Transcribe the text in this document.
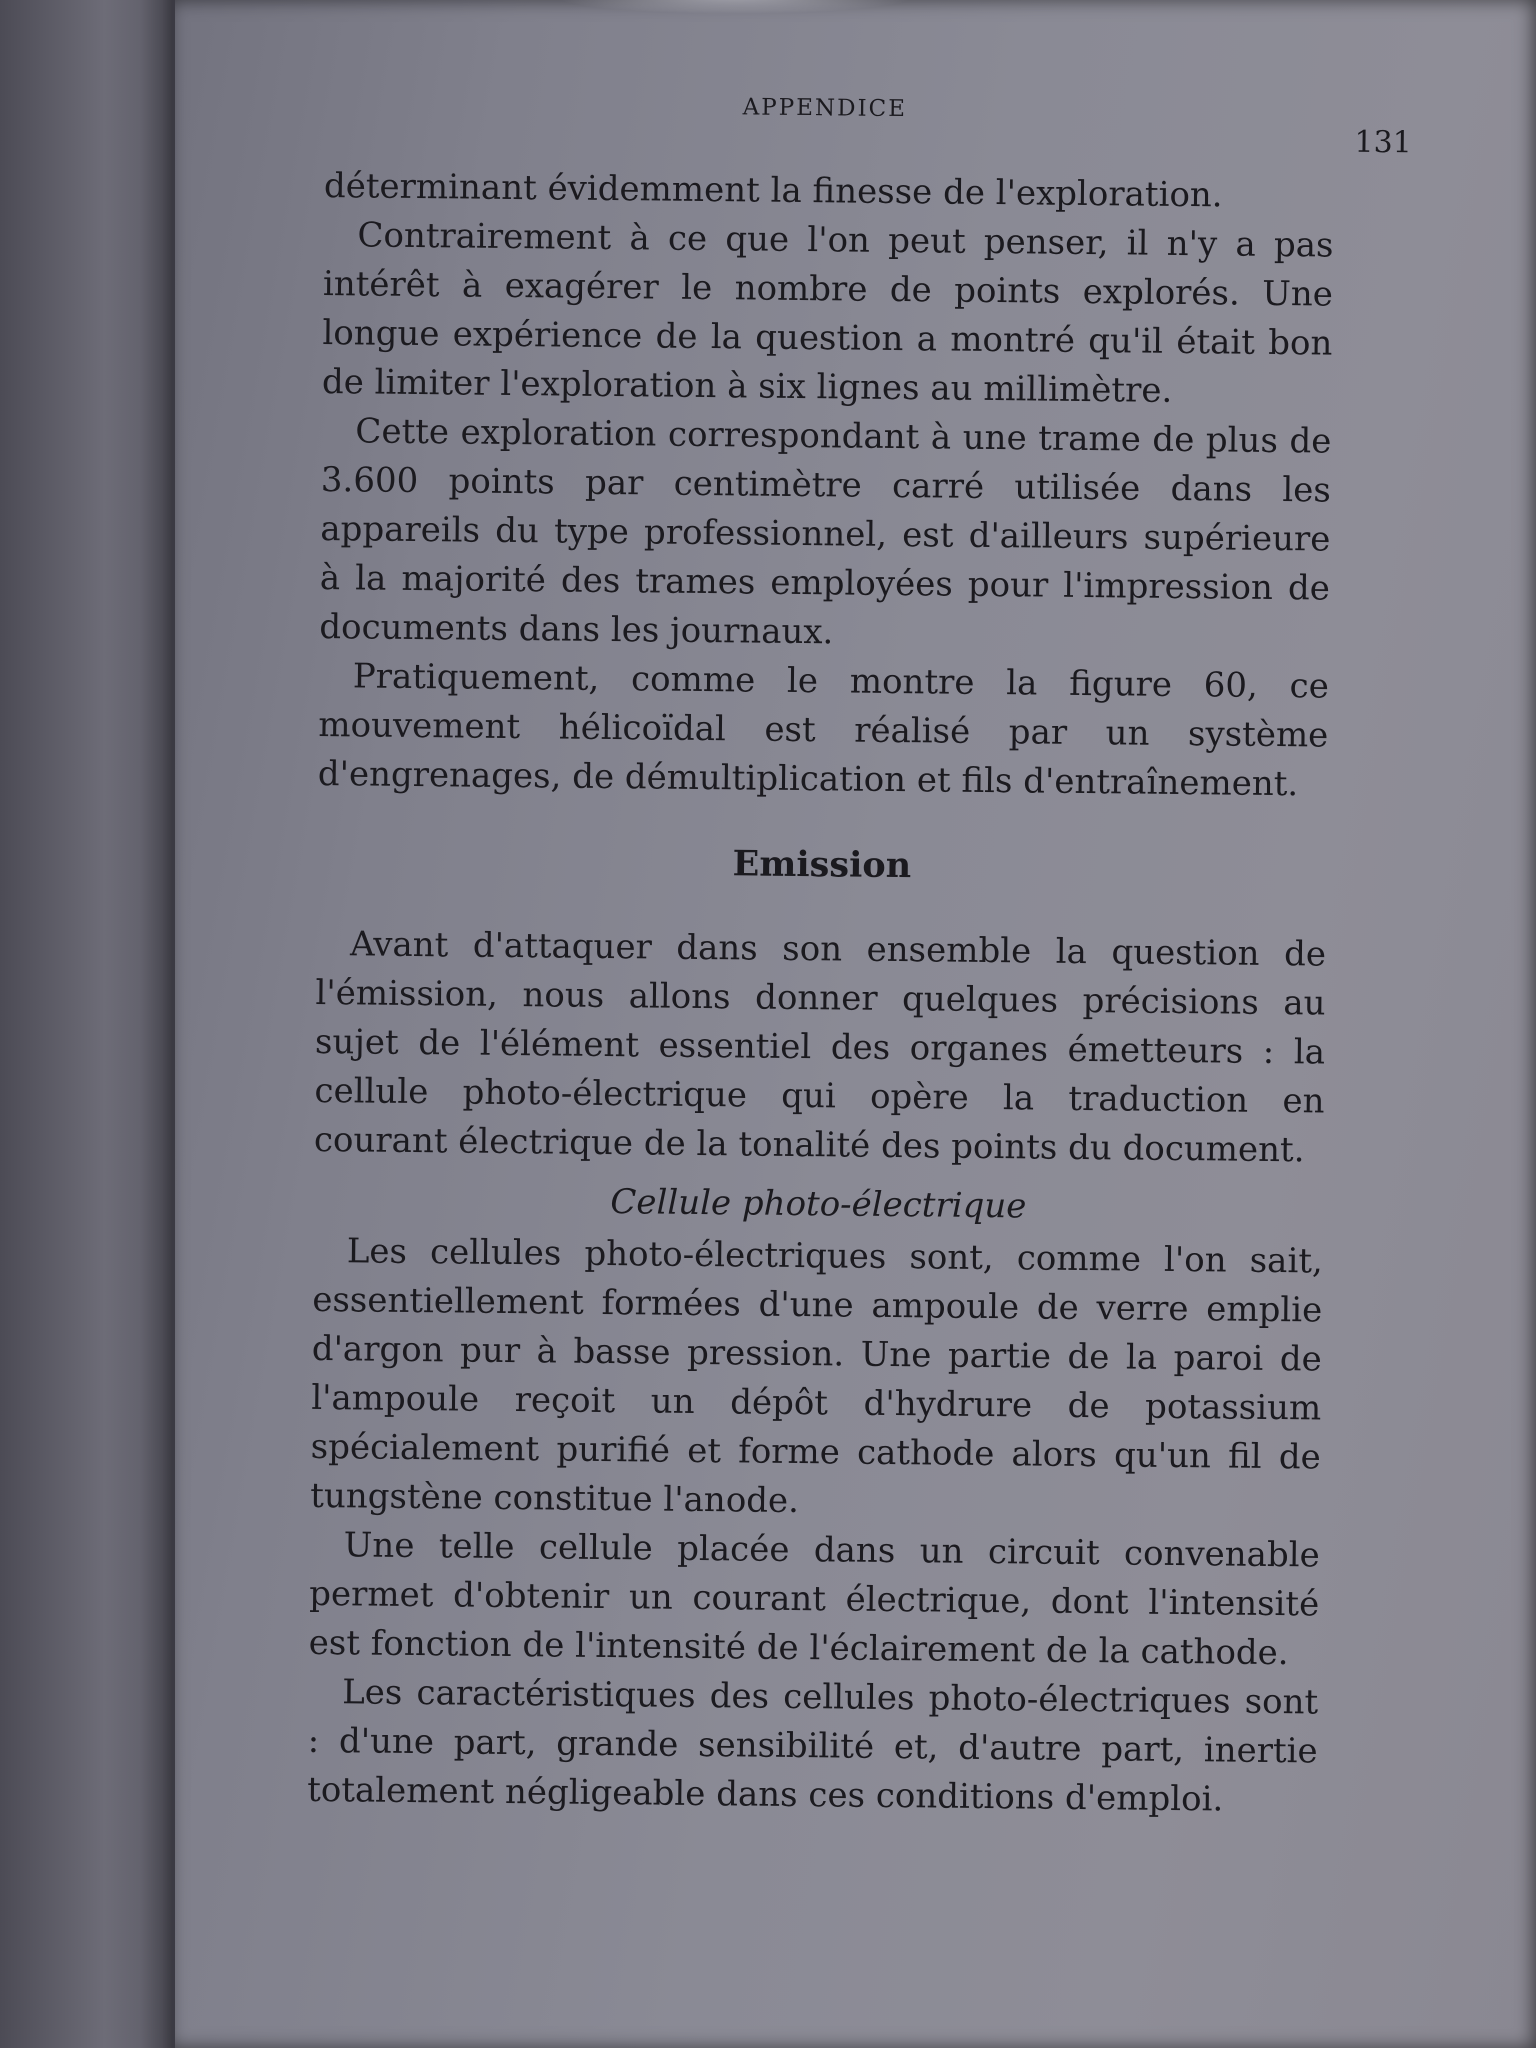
APPENDICE
131

déterminant évidemment la finesse de l'exploration.

Contrairement à ce que l'on peut penser, il n'y a pas intérêt à exagérer le nombre de points explorés. Une longue expérience de la question a montré qu'il était bon de limiter l'exploration à six lignes au millimètre.

Cette exploration correspondant à une trame de plus de 3.600 points par centimètre carré utilisée dans les appareils du type professionnel, est d'ailleurs supérieure à la majorité des trames employées pour l'impression de documents dans les journaux.

Pratiquement, comme le montre la figure 60, ce mouvement hélicoïdal est réalisé par un système d'engrenages, de démultiplication et fils d'entraînement.

Emission

Avant d'attaquer dans son ensemble la question de l'émission, nous allons donner quelques précisions au sujet de l'élément essentiel des organes émetteurs : la cellule photo-électrique qui opère la traduction en courant électrique de la tonalité des points du document.

Cellule photo-électrique

Les cellules photo-électriques sont, comme l'on sait, essentiellement formées d'une ampoule de verre emplie d'argon pur à basse pression. Une partie de la paroi de l'ampoule reçoit un dépôt d'hydrure de potassium spécialement purifié et forme cathode alors qu'un fil de tungstène constitue l'anode.

Une telle cellule placée dans un circuit convenable permet d'obtenir un courant électrique, dont l'intensité est fonction de l'intensité de l'éclairement de la cathode.

Les caractéristiques des cellules photo-électriques sont : d'une part, grande sensibilité et, d'autre part, inertie totalement négligeable dans ces conditions d'emploi.
